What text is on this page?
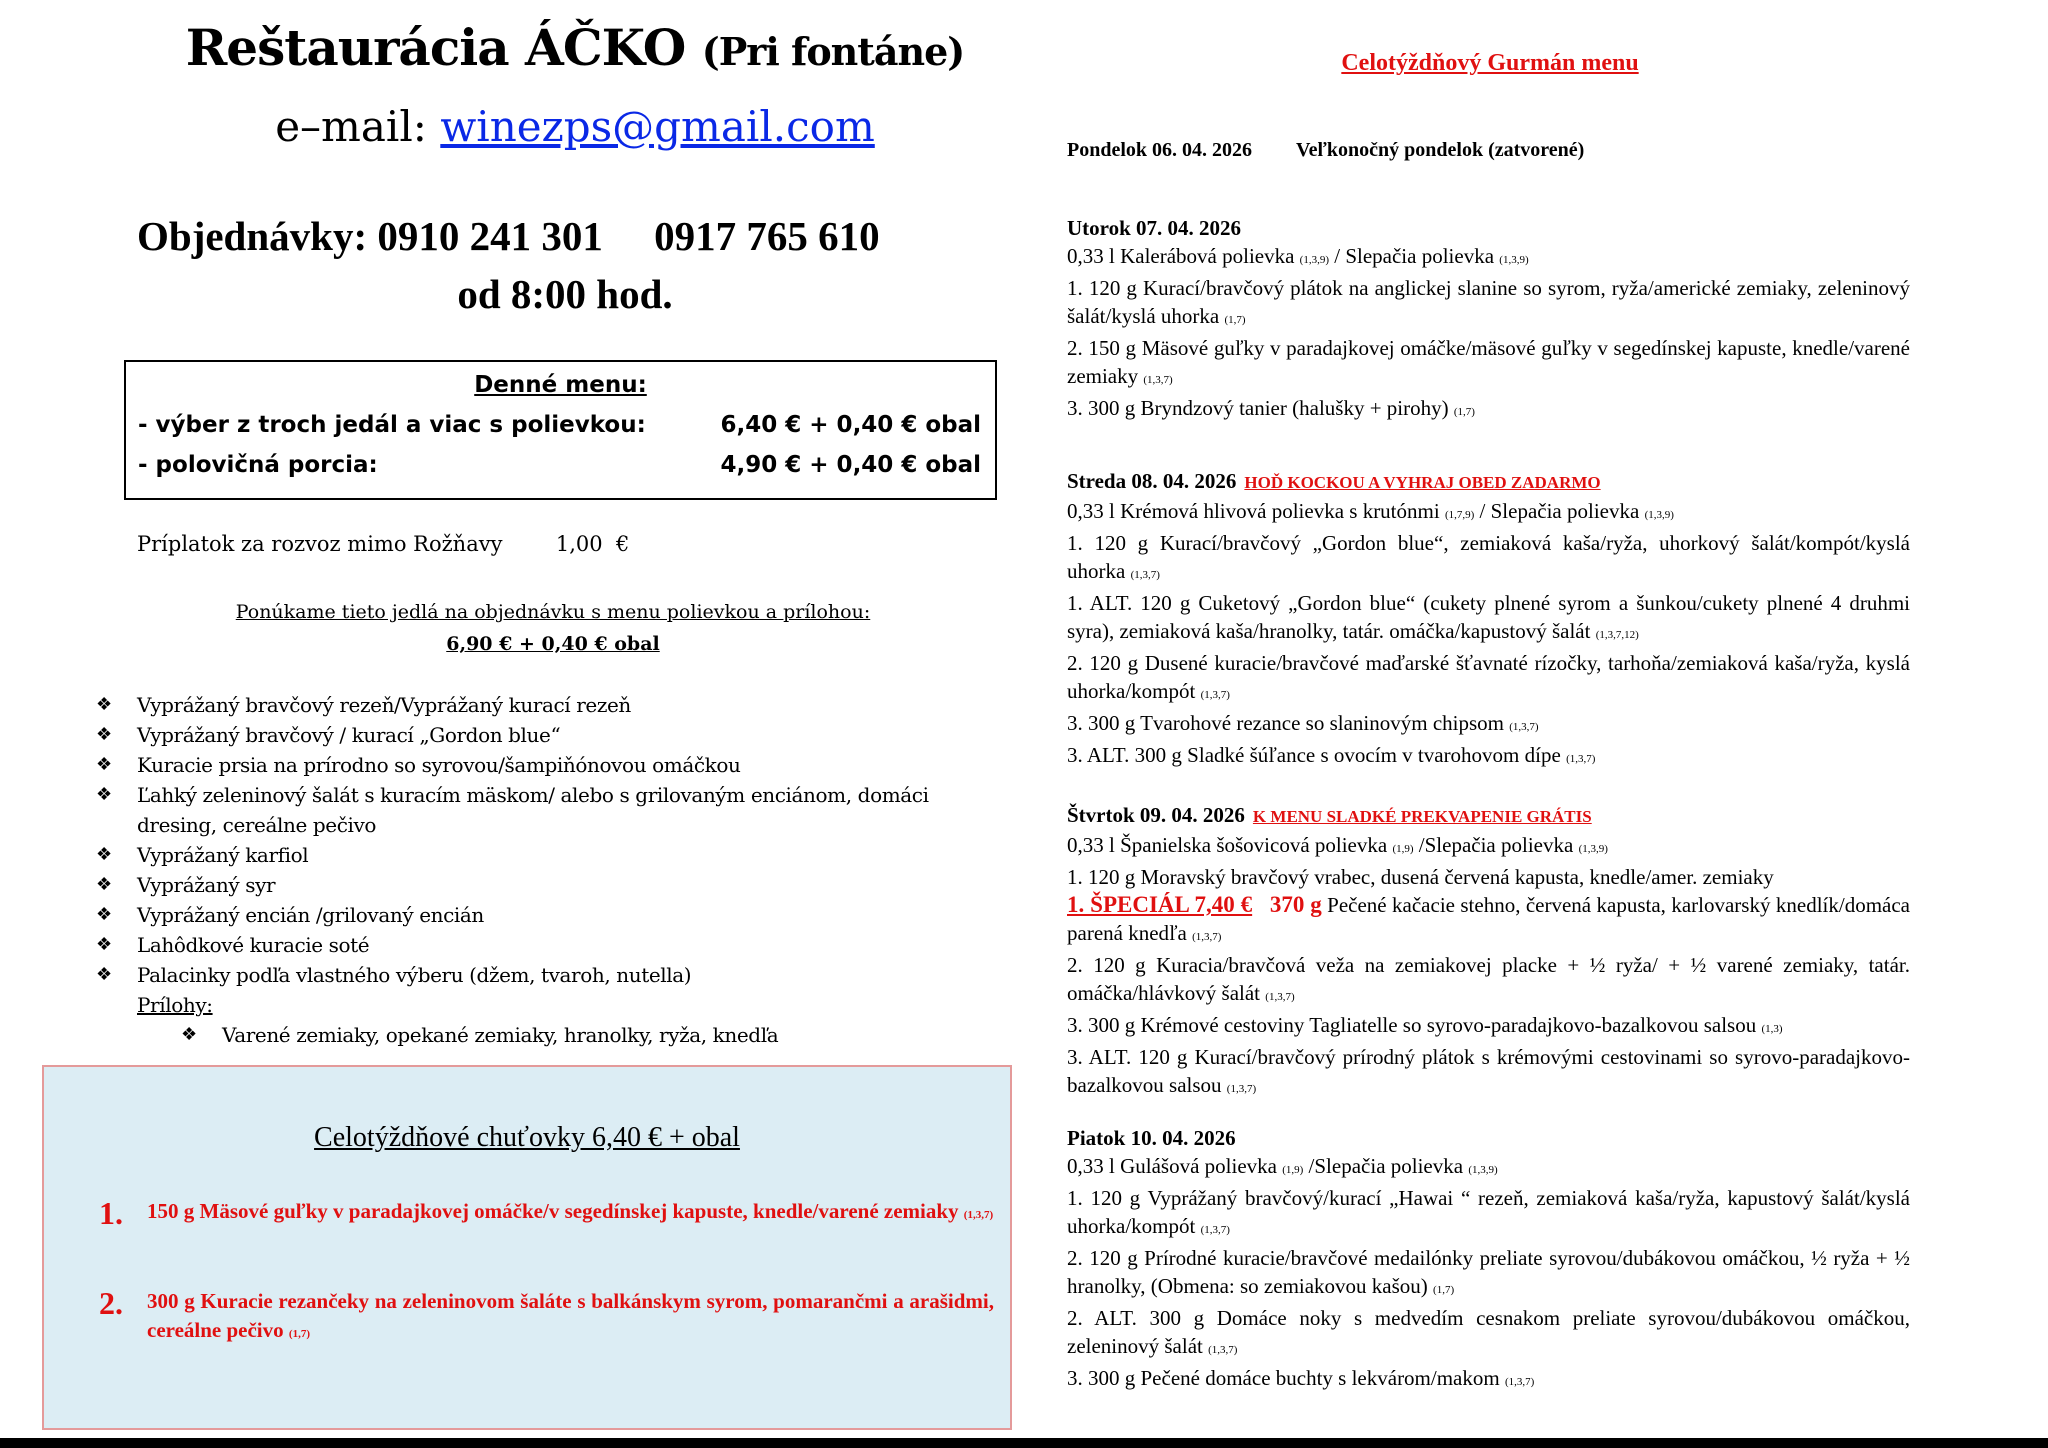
Reštaurácia ÁČKO (Pri fontáne)
e–mail: winezps@gmail.com
Objednávky: 0910 241 301     0917 765 610
od 8:00 hod.
Denné menu:
- výber z troch jedál a viac s polievkou:	6,40 € + 0,40 € obal
- polovičná porcia:	4,90 € + 0,40 € obal
Príplatok za rozvoz mimo Rožňavy	1,00  €
Ponúkame tieto jedlá na objednávku s menu polievkou a prílohou:
6,90 € + 0,40 € obal
❖	Vyprážaný bravčový rezeň/Vyprážaný kurací rezeň
❖	Vyprážaný bravčový / kurací „Gordon blue“
❖	Kuracie prsia na prírodno so syrovou/šampiňónovou omáčkou
❖	Ľahký zeleninový šalát s kuracím mäskom/ alebo s grilovaným enciánom, domáci dresing, cereálne pečivo
❖	Vyprážaný karfiol
❖	Vyprážaný syr
❖	Vyprážaný encián /grilovaný encián
❖	Lahôdkové kuracie soté
❖	Palacinky podľa vlastného výberu (džem, tvaroh, nutella)
Prílohy:
❖	Varené zemiaky, opekané zemiaky, hranolky, ryža, knedľa
Celotýždňové chuťovky 6,40 € + obal
1.	150 g Mäsové guľky v paradajkovej omáčke/v segedínskej kapuste, knedle/varené zemiaky (1,3,7)
2.	300 g Kuracie rezančeky na zeleninovom šaláte s balkánskym syrom, pomarančmi a arašidmi, cereálne pečivo (1,7)
Celotýždňový Gurmán menu
Pondelok 06. 04. 2026 Veľkonočný pondelok (zatvorené)
Utorok 07. 04. 2026

0,33 l Kalerábová polievka (1,3,9) / Slepačia polievka (1,3,9)

1. 120 g Kurací/bravčový plátok na anglickej slanine so syrom, ryža/americké zemiaky, zeleninový šalát/kyslá uhorka (1,7)

2. 150 g Mäsové guľky v paradajkovej omáčke/mäsové guľky v segedínskej kapuste, knedle/varené zemiaky (1,3,7)

3. 300 g Bryndzový tanier (halušky + pirohy) (1,7)

Streda 08. 04. 2026 HOĎ KOCKOU A VYHRAJ OBED ZADARMO

0,33 l Krémová hlivová polievka s krutónmi (1,7,9) / Slepačia polievka (1,3,9)

1. 120 g Kurací/bravčový „Gordon blue“, zemiaková kaša/ryža, uhorkový šalát/kompót/kyslá uhorka (1,3,7)

1. ALT. 120 g Cuketový „Gordon blue“ (cukety plnené syrom a šunkou/cukety plnené 4 druhmi syra), zemiaková kaša/hranolky, tatár. omáčka/kapustový šalát (1,3,7,12)

2. 120 g Dusené kuracie/bravčové maďarské šťavnaté rízočky, tarhoňa/zemiaková kaša/ryža, kyslá uhorka/kompót (1,3,7)

3. 300 g Tvarohové rezance so slaninovým chipsom (1,3,7)

3. ALT. 300 g Sladké šúľance s ovocím v tvarohovom dípe (1,3,7)

Štvrtok 09. 04. 2026 K MENU SLADKÉ PREKVAPENIE GRÁTIS

0,33 l Španielska šošovicová polievka (1,9) /Slepačia polievka (1,3,9)

1. 120 g Moravský bravčový vrabec, dusená červená kapusta, knedle/amer. zemiaky

1. ŠPECIÁL 7,40 € 370 g Pečené kačacie stehno, červená kapusta, karlovarský knedlík/domáca parená knedľa (1,3,7)

2. 120 g Kuracia/bravčová veža na zemiakovej placke + ½ ryža/ + ½ varené zemiaky, tatár. omáčka/hlávkový šalát (1,3,7)

3. 300 g Krémové cestoviny Tagliatelle so syrovo-paradajkovo-bazalkovou salsou (1,3)

3. ALT. 120 g Kurací/bravčový prírodný plátok s krémovými cestovinami so syrovo-paradajkovo-bazalkovou salsou (1,3,7)

Piatok 10. 04. 2026

0,33 l Gulášová polievka (1,9) /Slepačia polievka (1,3,9)

1. 120 g Vyprážaný bravčový/kurací „Hawai “ rezeň, zemiaková kaša/ryža, kapustový šalát/kyslá uhorka/kompót (1,3,7)

2. 120 g Prírodné kuracie/bravčové medailónky preliate syrovou/dubákovou omáčkou, ½ ryža + ½ hranolky, (Obmena: so zemiakovou kašou) (1,7)

2. ALT. 300 g Domáce noky s medvedím cesnakom preliate syrovou/dubákovou omáčkou, zeleninový šalát (1,3,7)

3. 300 g Pečené domáce buchty s lekvárom/makom (1,3,7)
